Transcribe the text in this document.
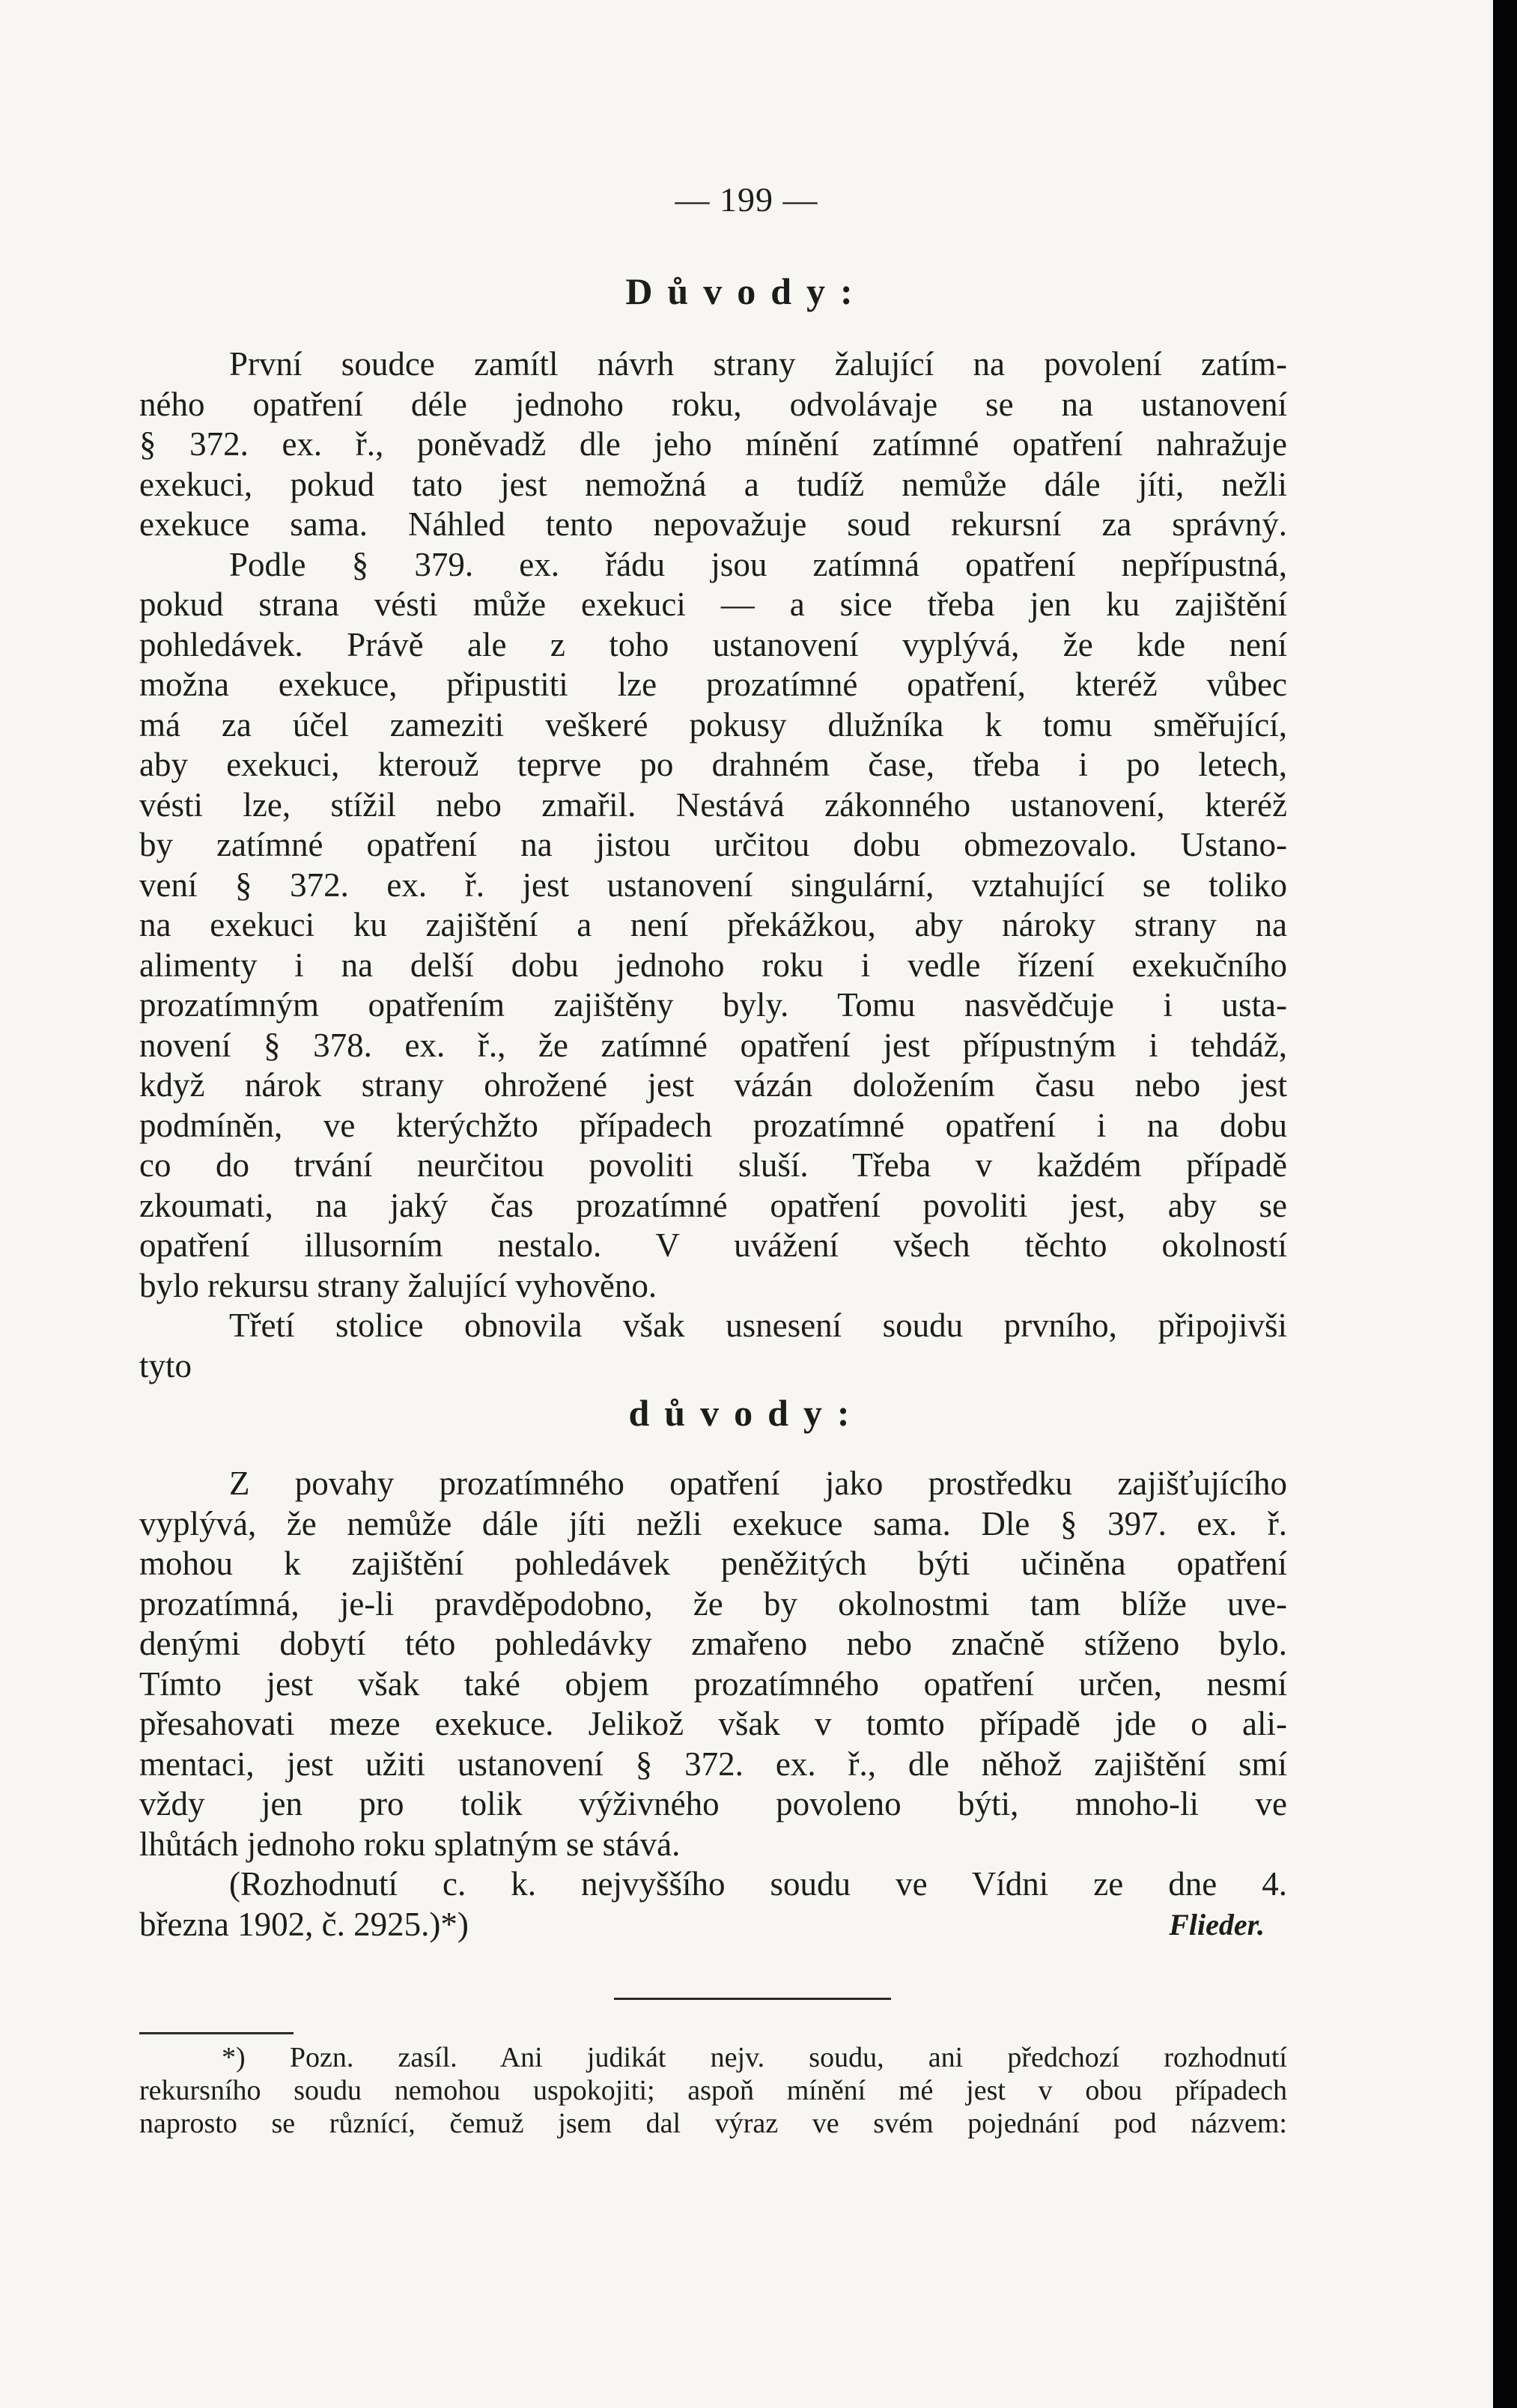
— 199 —
Důvody:
První soudce zamítl návrh strany žalující na povolení zatím-
ného opatření déle jednoho roku, odvolávaje se na ustanovení
§ 372. ex. ř., poněvadž dle jeho mínění zatímné opatření nahražuje
exekuci, pokud tato jest nemožná a tudíž nemůže dále jíti, nežli
exekuce sama. Náhled tento nepovažuje soud rekursní za správný.
Podle § 379. ex. řádu jsou zatímná opatření nepřípustná,
pokud strana vésti může exekuci — a sice třeba jen ku zajištění
pohledávek. Právě ale z toho ustanovení vyplývá, že kde není
možna exekuce, připustiti lze prozatímné opatření, kteréž vůbec
má za účel zameziti veškeré pokusy dlužníka k tomu směřující,
aby exekuci, kterouž teprve po drahném čase, třeba i po letech,
vésti lze, stížil nebo zmařil. Nestává zákonného ustanovení, kteréž
by zatímné opatření na jistou určitou dobu obmezovalo. Ustano-
vení § 372. ex. ř. jest ustanovení singulární, vztahující se toliko
na exekuci ku zajištění a není překážkou, aby nároky strany na
alimenty i na delší dobu jednoho roku i vedle řízení exekučního
prozatímným opatřením zajištěny byly. Tomu nasvědčuje i usta-
novení § 378. ex. ř., že zatímné opatření jest přípustným i tehdáž,
když nárok strany ohrožené jest vázán doložením času nebo jest
podmíněn, ve kterýchžto případech prozatímné opatření i na dobu
co do trvání neurčitou povoliti sluší. Třeba v každém případě
zkoumati, na jaký čas prozatímné opatření povoliti jest, aby se
opatření illusorním nestalo. V uvážení všech těchto okolností
bylo rekursu strany žalující vyhověno.
Třetí stolice obnovila však usnesení soudu prvního, připojivši
tyto
důvody:
Z povahy prozatímného opatření jako prostředku zajišťujícího
vyplývá, že nemůže dále jíti nežli exekuce sama. Dle § 397. ex. ř.
mohou k zajištění pohledávek peněžitých býti učiněna opatření
prozatímná, je-li pravděpodobno, že by okolnostmi tam blíže uve-
denými dobytí této pohledávky zmařeno nebo značně stíženo bylo.
Tímto jest však také objem prozatímného opatření určen, nesmí
přesahovati meze exekuce. Jelikož však v tomto případě jde o ali-
mentaci, jest užiti ustanovení § 372. ex. ř., dle něhož zajištění smí
vždy jen pro tolik výživného povoleno býti, mnoho-li ve
lhůtách jednoho roku splatným se stává.
(Rozhodnutí c. k. nejvyššího soudu ve Vídni ze dne 4.
března 1902, č. 2925.)*)	Flieder.
*) Pozn. zasíl. Ani judikát nejv. soudu, ani předchozí rozhodnutí
rekursního soudu nemohou uspokojiti; aspoň mínění mé jest v obou případech
naprosto se různící, čemuž jsem dal výraz ve svém pojednání pod názvem:
